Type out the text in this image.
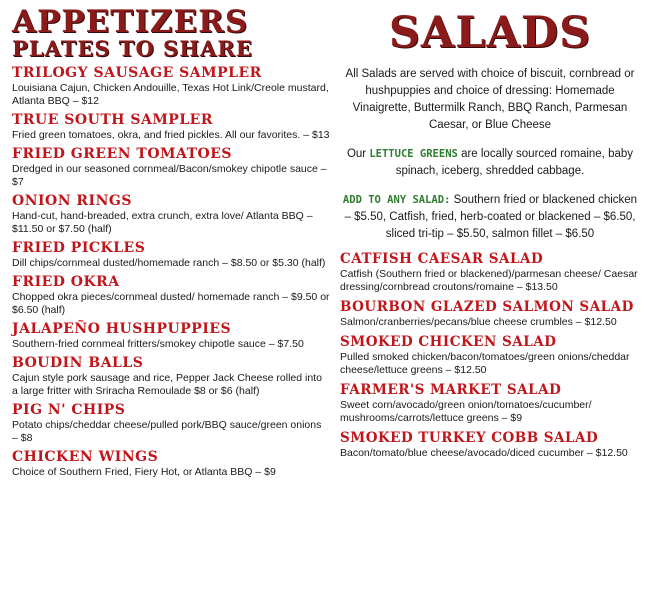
APPETIZERS
PLATES TO SHARE
TRILOGY SAUSAGE SAMPLER
Louisiana Cajun, Chicken Andouille, Texas Hot Link/Creole mustard, Atlanta BBQ – $12
TRUE SOUTH SAMPLER
Fried green tomatoes, okra, and fried pickles. All our favorites. – $13
FRIED GREEN TOMATOES
Dredged in our seasoned cornmeal/Bacon/smokey chipotle sauce – $7
ONION RINGS
Hand-cut, hand-breaded, extra crunch, extra love/ Atlanta BBQ – $11.50 or $7.50 (half)
FRIED PICKLES
Dill chips/cornmeal dusted/homemade ranch – $8.50 or $5.30 (half)
FRIED OKRA
Chopped okra pieces/cornmeal dusted/ homemade ranch – $9.50 or $6.50 (half)
JALAPEÑO HUSHPUPPIES
Southern-fried cornmeal fritters/smokey chipotle sauce – $7.50
BOUDIN BALLS
Cajun style pork sausage and rice, Pepper Jack Cheese rolled into a large fritter with Sriracha Remoulade $8 or $6 (half)
PIG N' CHIPS
Potato chips/cheddar cheese/pulled pork/BBQ sauce/green onions – $8
CHICKEN WINGS
Choice of Southern Fried, Fiery Hot, or Atlanta BBQ – $9
SALADS
All Salads are served with choice of biscuit, cornbread or hushpuppies and choice of dressing: Homemade Vinaigrette, Buttermilk Ranch, BBQ Ranch, Parmesan Caesar, or Blue Cheese
Our LETTUCE GREENS are locally sourced romaine, baby spinach, iceberg, shredded cabbage.
ADD TO ANY SALAD: Southern fried or blackened chicken – $5.50, Catfish, fried, herb-coated or blackened – $6.50, sliced tri-tip – $5.50, salmon fillet – $6.50
CATFISH CAESAR SALAD
Catfish (Southern fried or blackened)/parmesan cheese/ Caesar dressing/cornbread croutons/romaine – $13.50
BOURBON GLAZED SALMON SALAD
Salmon/cranberries/pecans/blue cheese crumbles – $12.50
SMOKED CHICKEN SALAD
Pulled smoked chicken/bacon/tomatoes/green onions/cheddar cheese/lettuce greens – $12.50
FARMER'S MARKET SALAD
Sweet corn/avocado/green onion/tomatoes/cucumber/ mushrooms/carrots/lettuce greens – $9
SMOKED TURKEY COBB SALAD
Bacon/tomato/blue cheese/avocado/diced cucumber – $12.50
